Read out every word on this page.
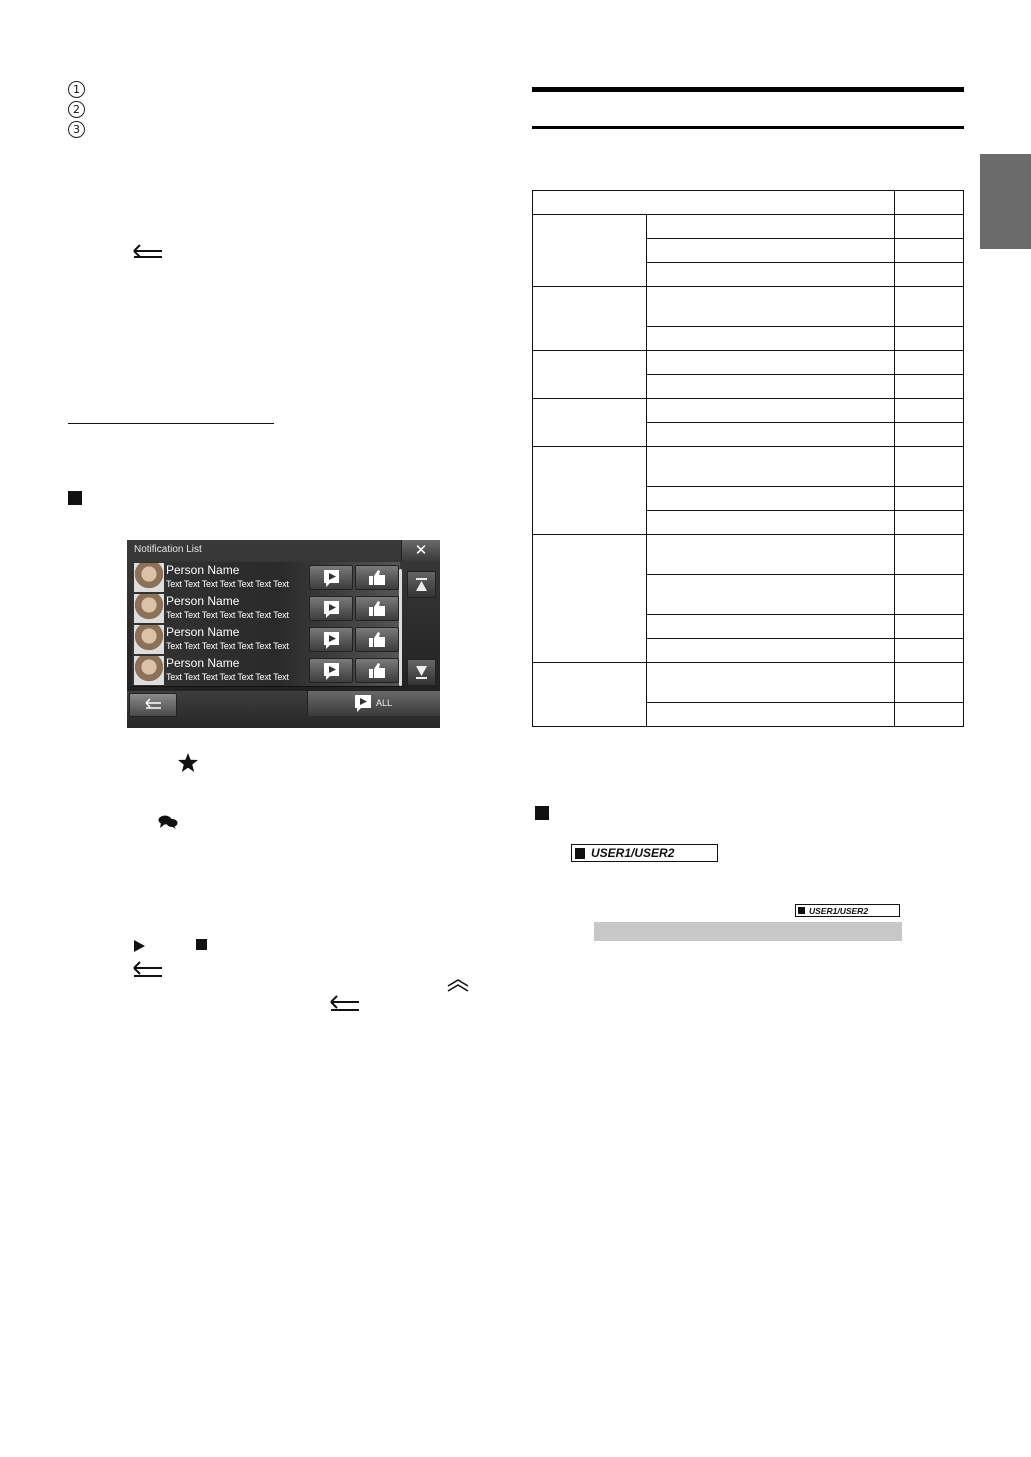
1
2
3
Notification List	✕
Person Name
Text Text Text Text Text Text Text
Person Name
Text Text Text Text Text Text Text
Person Name
Text Text Text Text Text Text Text
Person Name
Text Text Text Text Text Text Text
ALL
USER1/USER2
USER1/USER2
